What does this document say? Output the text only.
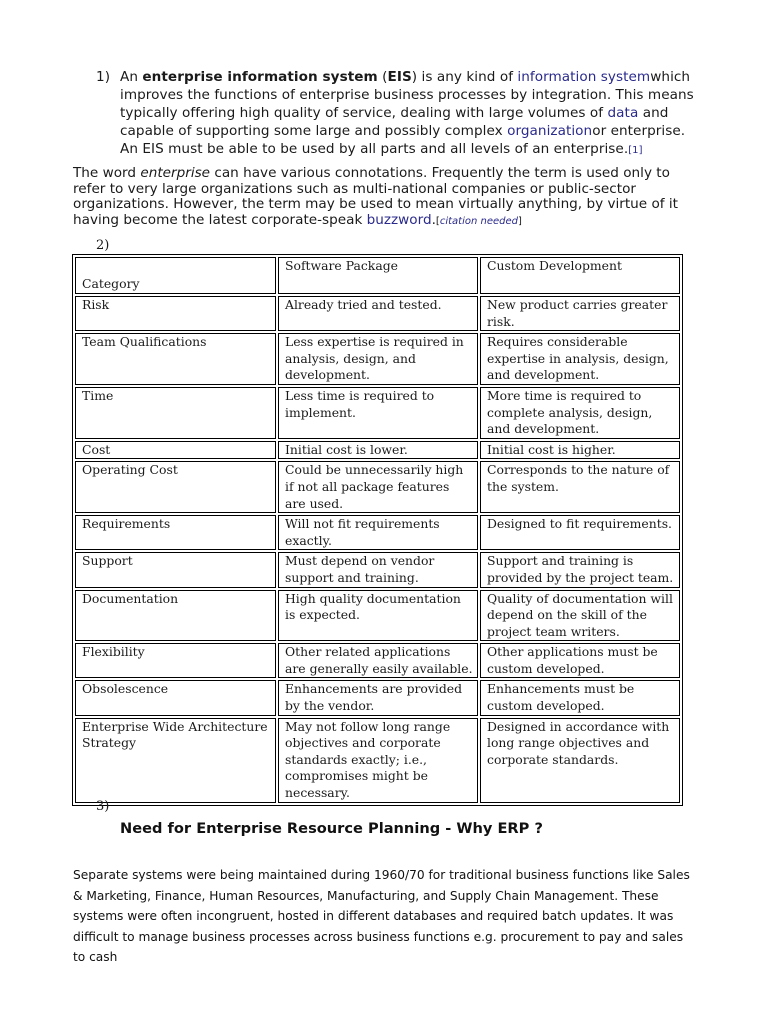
1) An enterprise information system (EIS) is any kind of information systemwhich improves the functions of enterprise business processes by integration. This means typically offering high quality of service, dealing with large volumes of data and capable of supporting some large and possibly complex organizationor enterprise. An EIS must be able to be used by all parts and all levels of an enterprise.[1]
The word enterprise can have various connotations. Frequently the term is used only to refer to very large organizations such as multi-national companies or public-sector organizations. However, the term may be used to mean virtually anything, by virtue of it having become the latest corporate-speak buzzword.[citation needed]
2)
Category	Software Package	Custom Development
Risk	Already tried and tested.	New product carries greater risk.
Team Qualifications	Less expertise is required in analysis, design, and development.	Requires considerable expertise in analysis, design, and development.
Time	Less time is required to implement.	More time is required to complete analysis, design, and development.
Cost	Initial cost is lower.	Initial cost is higher.
Operating Cost	Could be unnecessarily high if not all package features are used.	Corresponds to the nature of the system.
Requirements	Will not fit requirements exactly.	Designed to fit requirements.
Support	Must depend on vendor support and training.	Support and training is provided by the project team.
Documentation	High quality documentation is expected.	Quality of documentation will depend on the skill of the project team writers.
Flexibility	Other related applications are generally easily available.	Other applications must be custom developed.
Obsolescence	Enhancements are provided by the vendor.	Enhancements must be custom developed.
Enterprise Wide Architecture Strategy	May not follow long range objectives and corporate standards exactly; i.e., compromises might be necessary.	Designed in accordance with long range objectives and corporate standards.
3)
Need for Enterprise Resource Planning - Why ERP ?
Separate systems were being maintained during 1960/70 for traditional business functions like Sales & Marketing, Finance, Human Resources, Manufacturing, and Supply Chain Management. These systems were often incongruent, hosted in different databases and required batch updates. It was difficult to manage business processes across business functions e.g. procurement to pay and sales to cash
